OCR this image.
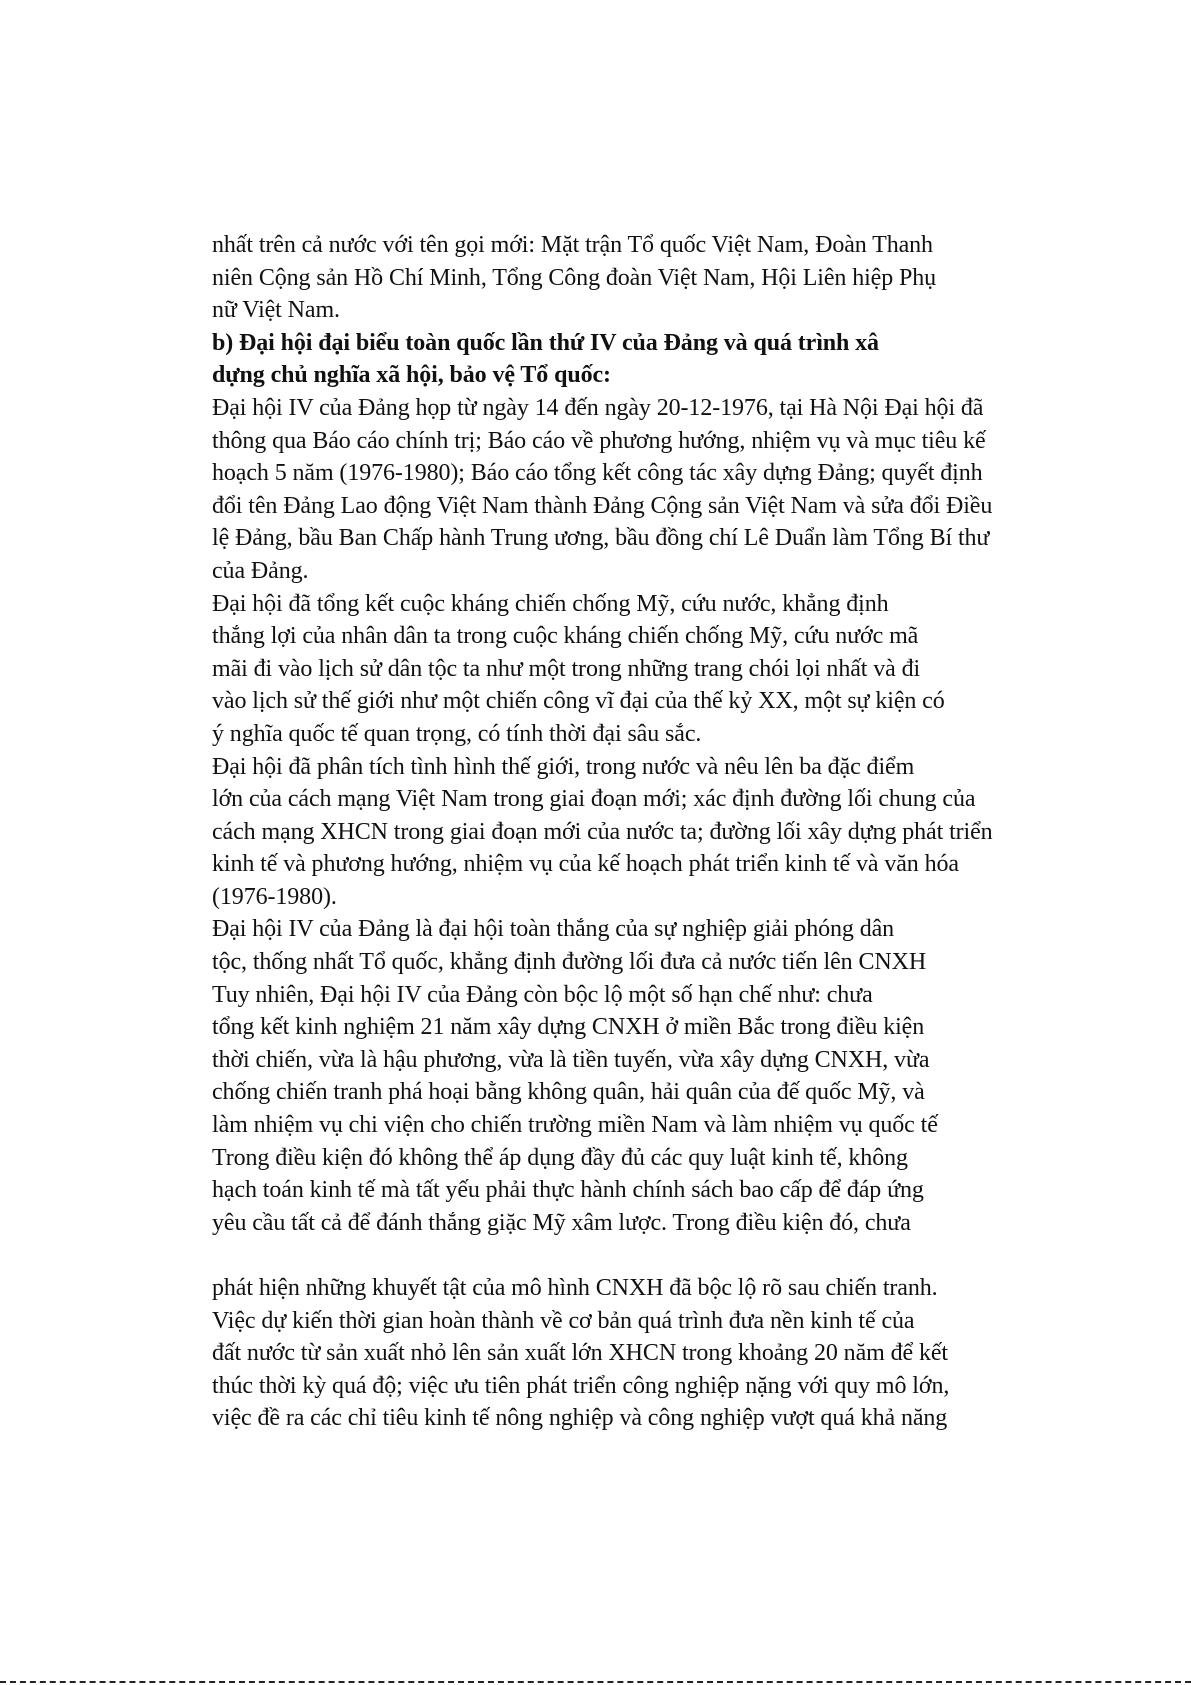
nhất trên cả nước với tên gọi mới: Mặt trận Tổ quốc Việt Nam, Đoàn Thanh
niên Cộng sản Hồ Chí Minh, Tổng Công đoàn Việt Nam, Hội Liên hiệp Phụ
nữ Việt Nam.
b) Đại hội đại biểu toàn quốc lần thứ IV của Đảng và quá trình xâ
dựng chủ nghĩa xã hội, bảo vệ Tổ quốc:
Đại hội IV của Đảng họp từ ngày 14 đến ngày 20-12-1976, tại Hà Nội Đại hội đã
thông qua Báo cáo chính trị; Báo cáo về phương hướng, nhiệm vụ và mục tiêu kế
hoạch 5 năm (1976-1980); Báo cáo tổng kết công tác xây dựng Đảng; quyết định
đổi tên Đảng Lao động Việt Nam thành Đảng Cộng sản Việt Nam và sửa đổi Điều
lệ Đảng, bầu Ban Chấp hành Trung ương, bầu đồng chí Lê Duẩn làm Tổng Bí thư
của Đảng.
Đại hội đã tổng kết cuộc kháng chiến chống Mỹ, cứu nước, khẳng định
thắng lợi của nhân dân ta trong cuộc kháng chiến chống Mỹ, cứu nước mã
mãi đi vào lịch sử dân tộc ta như một trong những trang chói lọi nhất và đi
vào lịch sử thế giới như một chiến công vĩ đại của thế kỷ XX, một sự kiện có
ý nghĩa quốc tế quan trọng, có tính thời đại sâu sắc.
Đại hội đã phân tích tình hình thế giới, trong nước và nêu lên ba đặc điểm
lớn của cách mạng Việt Nam trong giai đoạn mới; xác định đường lối chung của
cách mạng XHCN trong giai đoạn mới của nước ta; đường lối xây dựng phát triển
kinh tế và phương hướng, nhiệm vụ của kế hoạch phát triển kinh tế và văn hóa
(1976-1980).
Đại hội IV của Đảng là đại hội toàn thắng của sự nghiệp giải phóng dân
tộc, thống nhất Tổ quốc, khẳng định đường lối đưa cả nước tiến lên CNXH
Tuy nhiên, Đại hội IV của Đảng còn bộc lộ một số hạn chế như: chưa
tổng kết kinh nghiệm 21 năm xây dựng CNXH ở miền Bắc trong điều kiện
thời chiến, vừa là hậu phương, vừa là tiền tuyến, vừa xây dựng CNXH, vừa
chống chiến tranh phá hoại bằng không quân, hải quân của đế quốc Mỹ, và
làm nhiệm vụ chi viện cho chiến trường miền Nam và làm nhiệm vụ quốc tế
Trong điều kiện đó không thể áp dụng đầy đủ các quy luật kinh tế, không
hạch toán kinh tế mà tất yếu phải thực hành chính sách bao cấp để đáp ứng
yêu cầu tất cả để đánh thắng giặc Mỹ xâm lược. Trong điều kiện đó, chưa
phát hiện những khuyết tật của mô hình CNXH đã bộc lộ rõ sau chiến tranh.
Việc dự kiến thời gian hoàn thành về cơ bản quá trình đưa nền kinh tế của
đất nước từ sản xuất nhỏ lên sản xuất lớn XHCN trong khoảng 20 năm để kết
thúc thời kỳ quá độ; việc ưu tiên phát triển công nghiệp nặng với quy mô lớn,
việc đề ra các chỉ tiêu kinh tế nông nghiệp và công nghiệp vượt quá khả năng
